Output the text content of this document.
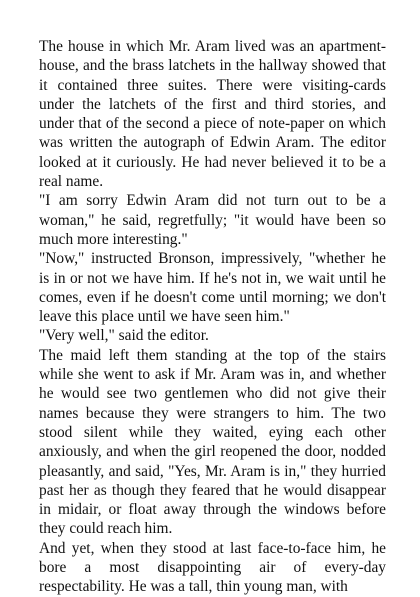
The house in which Mr. Aram lived was an apartment-house, and the brass latchets in the hallway showed that it contained three suites. There were visiting-cards under the latchets of the first and third stories, and under that of the second a piece of note-paper on which was written the autograph of Edwin Aram. The editor looked at it curiously. He had never believed it to be a real name.

"I am sorry Edwin Aram did not turn out to be a woman," he said, regretfully; "it would have been so much more interesting."

"Now," instructed Bronson, impressively, "whether he is in or not we have him. If he's not in, we wait until he comes, even if he doesn't come until morning; we don't leave this place until we have seen him."

"Very well," said the editor.

The maid left them standing at the top of the stairs while she went to ask if Mr. Aram was in, and whether he would see two gentlemen who did not give their names because they were strangers to him. The two stood silent while they waited, eying each other anxiously, and when the girl reopened the door, nodded pleasantly, and said, "Yes, Mr. Aram is in," they hurried past her as though they feared that he would disappear in midair, or float away through the windows before they could reach him.

And yet, when they stood at last face-to-face him, he bore a most disappointing air of every-day respectability. He was a tall, thin young man, with
